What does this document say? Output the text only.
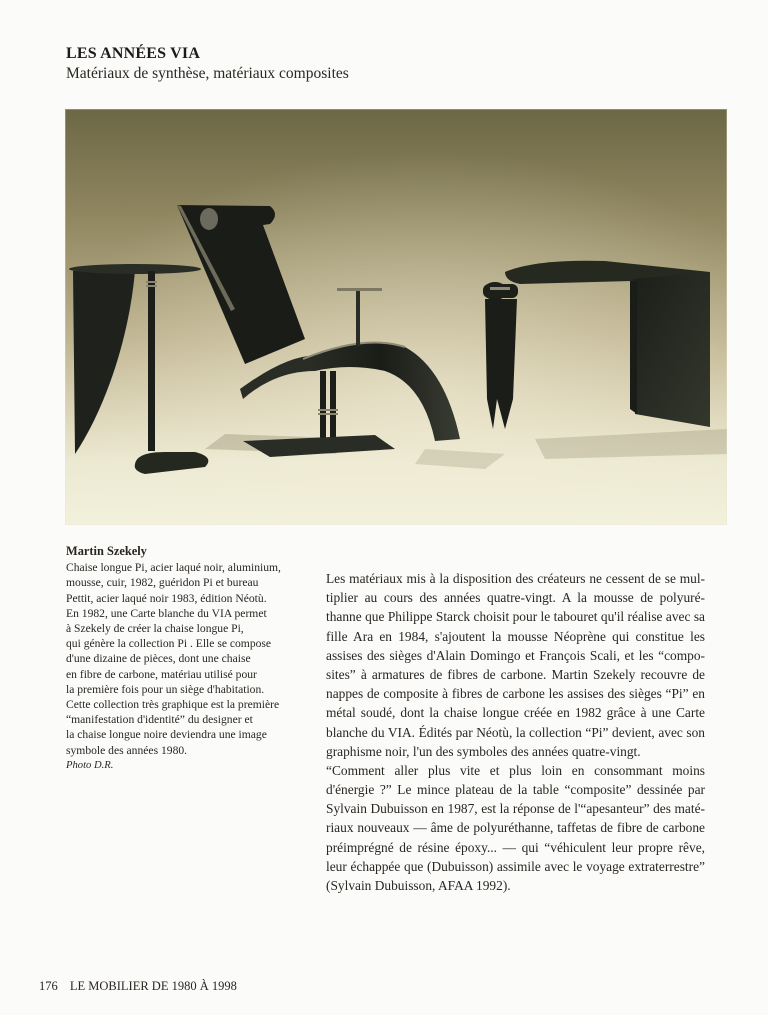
LES ANNÉES VIA
Matériaux de synthèse, matériaux composites
Martin Szekely
Chaise longue Pi, acier laqué noir, aluminium,
mousse, cuir, 1982, guéridon Pi et bureau
Pettit, acier laqué noir 1983, édition Néotù.
En 1982, une Carte blanche du VIA permet
à Szekely de créer la chaise longue Pi,
qui génère la collection Pi . Elle se compose
d'une dizaine de pièces, dont une chaise
en fibre de carbone, matériau utilisé pour
la première fois pour un siège d'habitation.
Cette collection très graphique est la première
“manifestation d'identité” du designer et
la chaise longue noire deviendra une image
symbole des années 1980.
Photo D.R.
Les matériaux mis à la disposition des créateurs ne cessent de se mul-
tiplier au cours des années quatre-vingt. A la mousse de polyuré-
thanne que Philippe Starck choisit pour le tabouret qu'il réalise avec sa
fille Ara en 1984, s'ajoutent la mousse Néoprène qui constitue les
assises des sièges d'Alain Domingo et François Scali, et les “compo-
sites” à armatures de fibres de carbone. Martin Szekely recouvre de
nappes de composite à fibres de carbone les assises des sièges “Pi” en
métal soudé, dont la chaise longue créée en 1982 grâce à une Carte
blanche du VIA. Édités par Néotù, la collection “Pi” devient, avec son
graphisme noir, l'un des symboles des années quatre-vingt.
“Comment aller plus vite et plus loin en consommant moins
d'énergie ?” Le mince plateau de la table “composite” dessinée par
Sylvain Dubuisson en 1987, est la réponse de l'“apesanteur” des maté-
riaux nouveaux — âme de polyuréthanne, taffetas de fibre de carbone
préimprégné de résine époxy... — qui “véhiculent leur propre rêve,
leur échappée que (Dubuisson) assimile avec le voyage extraterrestre”
(Sylvain Dubuisson, AFAA 1992).
176 LE MOBILIER DE 1980 À 1998
